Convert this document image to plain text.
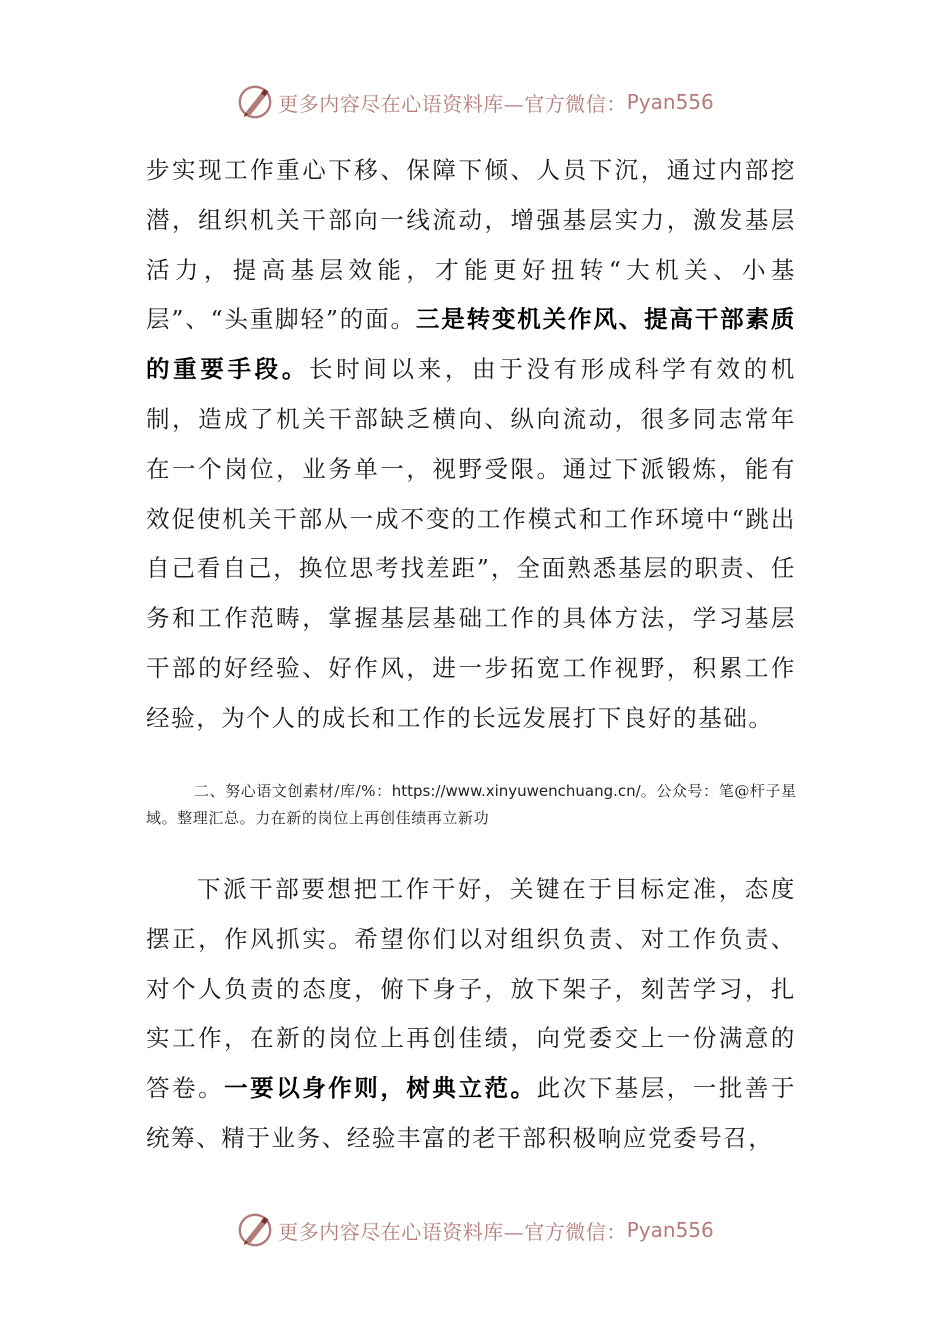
更多内容尽在心语资料库—官方微信： Pyan556
步实现工作重心下移、保障下倾、人员下沉，通过内部挖潜，组织机关干部向一线流动，增强基层实力，激发基层活力，提高基层效能，才能更好扭转“大机关、小基层”、“头重脚轻”的面。三是转变机关作风、提高干部素质的重要手段。长时间以来，由于没有形成科学有效的机制，造成了机关干部缺乏横向、纵向流动，很多同志常年在一个岗位，业务单一，视野受限。通过下派锻炼，能有效促使机关干部从一成不变的工作模式和工作环境中“跳出自己看自己，换位思考找差距”，全面熟悉基层的职责、任务和工作范畴，掌握基层基础工作的具体方法，学习基层干部的好经验、好作风，进一步拓宽工作视野，积累工作经验，为个人的成长和工作的长远发展打下良好的基础。
二、努心语文创素材/库/%：https://www.xinyuwenchuang.cn/。公众号：笔@杆子星域。整理汇总。力在新的岗位上再创佳绩再立新功
下派干部要想把工作干好，关键在于目标定准，态度摆正，作风抓实。希望你们以对组织负责、对工作负责、对个人负责的态度，俯下身子，放下架子，刻苦学习，扎实工作，在新的岗位上再创佳绩，向党委交上一份满意的答卷。一要以身作则，树典立范。此次下基层，一批善于统筹、精于业务、经验丰富的老干部积极响应党委号召，
更多内容尽在心语资料库—官方微信： Pyan556
